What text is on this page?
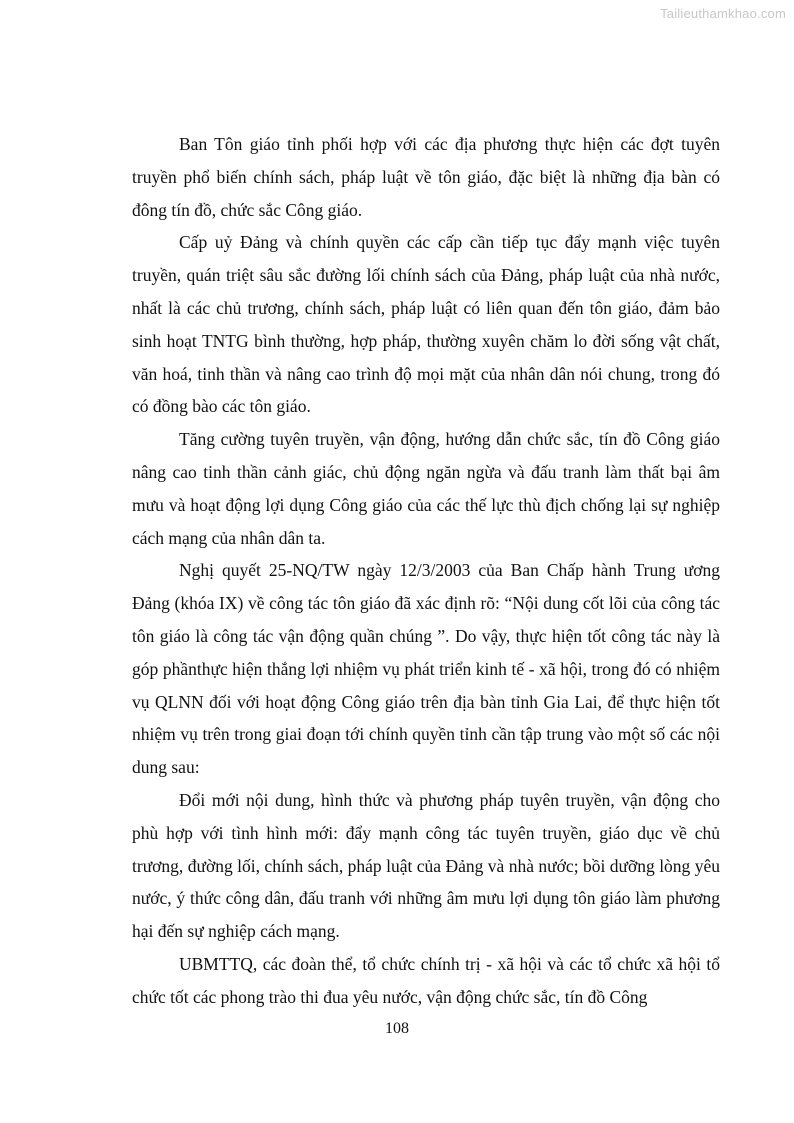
Tailieuthamkhao.com

Ban Tôn giáo tỉnh phối hợp với các địa phương thực hiện các đợt tuyên truyền phổ biến chính sách, pháp luật về tôn giáo, đặc biệt là những địa bàn có đông tín đồ, chức sắc Công giáo.

Cấp uỷ Đảng và chính quyền các cấp cần tiếp tục đẩy mạnh việc tuyên truyền, quán triệt sâu sắc đường lối chính sách của Đảng, pháp luật của nhà nước, nhất là các chủ trương, chính sách, pháp luật có liên quan đến tôn giáo, đảm bảo sinh hoạt TNTG bình thường, hợp pháp, thường xuyên chăm lo đời sống vật chất, văn hoá, tinh thần và nâng cao trình độ mọi mặt của nhân dân nói chung, trong đó có đồng bào các tôn giáo.

Tăng cường tuyên truyền, vận động, hướng dẫn chức sắc, tín đồ Công giáo nâng cao tinh thần cảnh giác, chủ động ngăn ngừa và đấu tranh làm thất bại âm mưu và hoạt động lợi dụng Công giáo của các thế lực thù địch chống lại sự nghiệp cách mạng của nhân dân ta.

Nghị quyết 25-NQ/TW ngày 12/3/2003 của Ban Chấp hành Trung ương Đảng (khóa IX) về công tác tôn giáo đã xác định rõ: “Nội dung cốt lõi của công tác tôn giáo là công tác vận động quần chúng ”. Do vậy, thực hiện tốt công tác này là góp phầnthực hiện thắng lợi nhiệm vụ phát triển kinh tế - xã hội, trong đó có nhiệm vụ QLNN đối với hoạt động Công giáo trên địa bàn tỉnh Gia Lai, để thực hiện tốt nhiệm vụ trên trong giai đoạn tới chính quyền tỉnh cần tập trung vào một số các nội dung sau:

Đổi mới nội dung, hình thức và phương pháp tuyên truyền, vận động cho phù hợp với tình hình mới: đẩy mạnh công tác tuyên truyền, giáo dục về chủ trương, đường lối, chính sách, pháp luật của Đảng và nhà nước; bồi dưỡng lòng yêu nước, ý thức công dân, đấu tranh với những âm mưu lợi dụng tôn giáo làm phương hại đến sự nghiệp cách mạng.

UBMTTQ, các đoàn thể, tổ chức chính trị - xã hội và các tổ chức xã hội tổ chức tốt các phong trào thi đua yêu nước, vận động chức sắc, tín đồ Công

108
